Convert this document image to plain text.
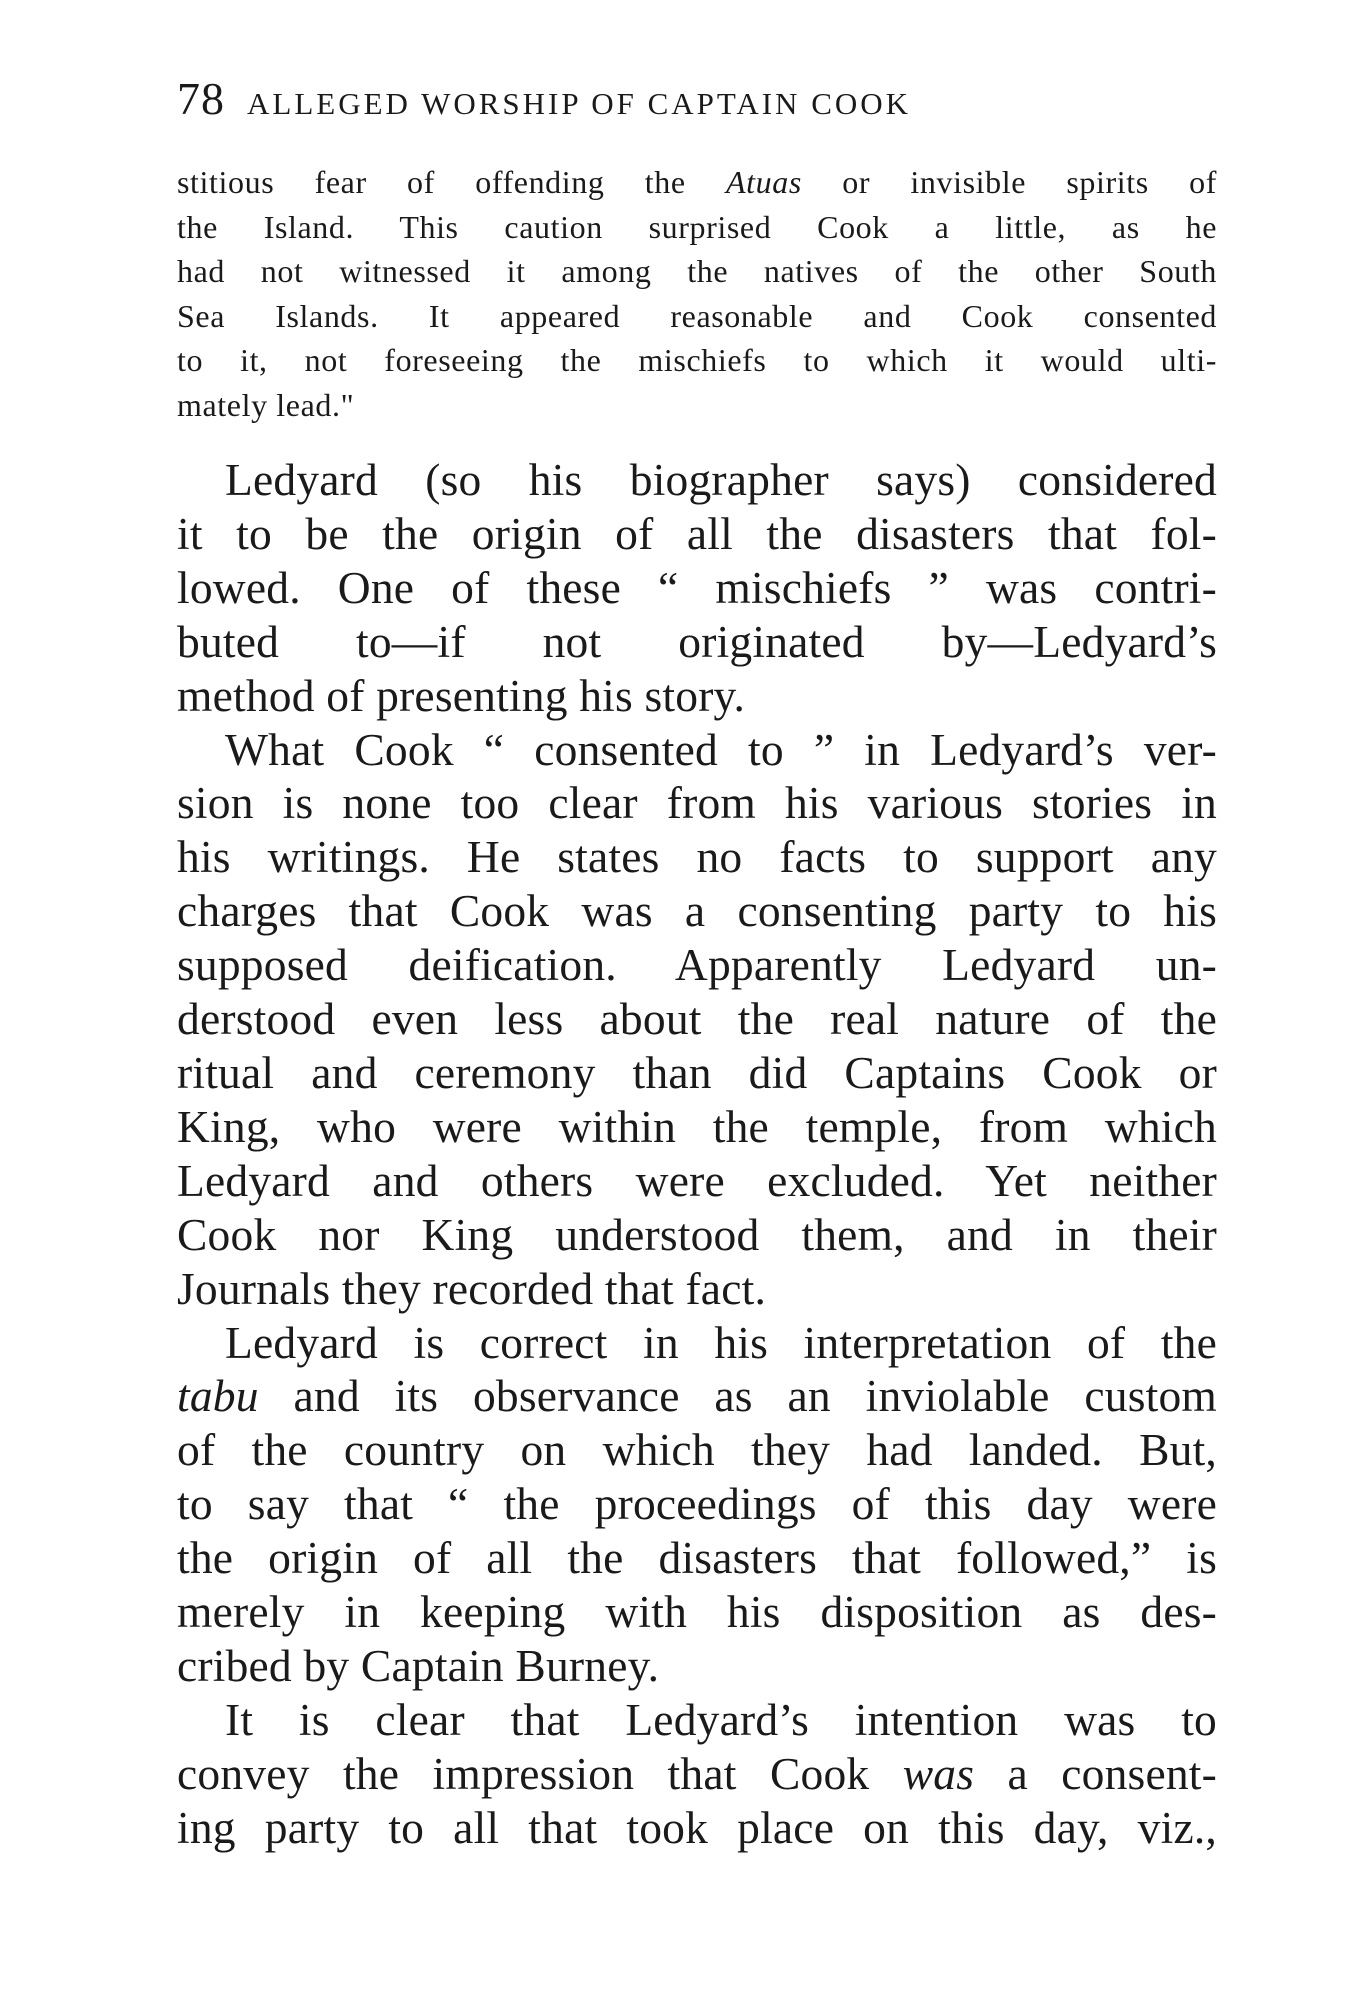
78 ALLEGED WORSHIP OF CAPTAIN COOK
stitious fear of offending the Atuas or invisible spirits of
the Island. This caution surprised Cook a little, as he
had not witnessed it among the natives of the other South
Sea Islands. It appeared reasonable and Cook consented
to it, not foreseeing the mischiefs to which it would ulti-
mately lead."
Ledyard (so his biographer says) considered
it to be the origin of all the disasters that fol-
lowed. One of these “ mischiefs ” was contri-
buted to—if not originated by—Ledyard’s
method of presenting his story.
What Cook “ consented to ” in Ledyard’s ver-
sion is none too clear from his various stories in
his writings. He states no facts to support any
charges that Cook was a consenting party to his
supposed deification. Apparently Ledyard un-
derstood even less about the real nature of the
ritual and ceremony than did Captains Cook or
King, who were within the temple, from which
Ledyard and others were excluded. Yet neither
Cook nor King understood them, and in their
Journals they recorded that fact.
Ledyard is correct in his interpretation of the
tabu and its observance as an inviolable custom
of the country on which they had landed. But,
to say that “ the proceedings of this day were
the origin of all the disasters that followed,” is
merely in keeping with his disposition as des-
cribed by Captain Burney.
It is clear that Ledyard’s intention was to
convey the impression that Cook was a consent-
ing party to all that took place on this day, viz.,
